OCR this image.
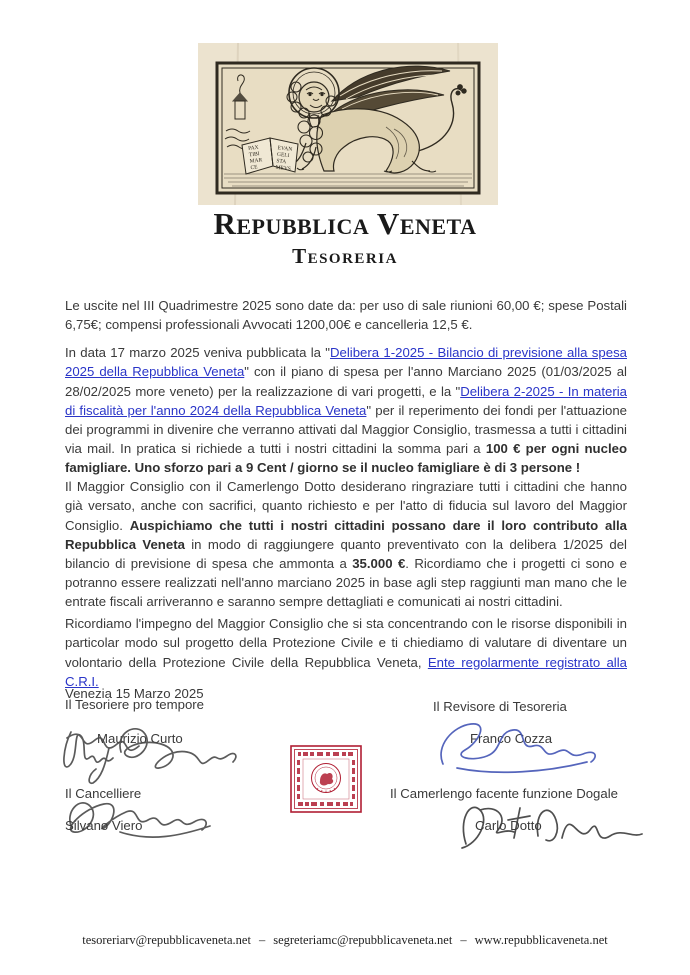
PAX
TIBI
MAR
CE
EVAN
GELI
STA
MEVS
Repubblica Veneta
Tesoreria

Le uscite nel III Quadrimestre 2025 sono date da: per uso di sale riunioni 60,00 €; spese Postali 6,75€; compensi professionali Avvocati 1200,00€ e cancelleria 12,5 €.

In data 17 marzo 2025 veniva pubblicata la "Delibera 1-2025 - Bilancio di previsione alla spesa 2025 della Repubblica Veneta" con il piano di spesa per l'anno Marciano 2025 (01/03/2025 al 28/02/2025 more veneto) per la realizzazione di vari progetti, e la "Delibera 2-2025 - In materia di fiscalità per l'anno 2024 della Repubblica Veneta" per il reperimento dei fondi per l'attuazione dei programmi in divenire che verranno attivati dal Maggior Consiglio, trasmessa a tutti i cittadini via mail. In pratica si richiede a tutti i nostri cittadini la somma pari a 100 € per ogni nucleo famigliare. Uno sforzo pari a 9 Cent / giorno se il nucleo famigliare è di 3 persone !

Il Maggior Consiglio con il Camerlengo Dotto desiderano ringraziare tutti i cittadini che hanno già versato, anche con sacrifici, quanto richiesto e per l'atto di fiducia sul lavoro del Maggior Consiglio. Auspichiamo che tutti i nostri cittadini possano dare il loro contributo alla Repubblica Veneta in modo di raggiungere quanto preventivato con la delibera 1/2025 del bilancio di previsione di spesa che ammonta a 35.000 €. Ricordiamo che i progetti ci sono e potranno essere realizzati nell'anno marciano 2025 in base agli step raggiunti man mano che le entrate fiscali arriveranno e saranno sempre dettagliati e comunicati ai nostri cittadini.

Ricordiamo l'impegno del Maggior Consiglio che si sta concentrando con le risorse disponibili in particolar modo sul progetto della Protezione Civile e ti chiediamo di valutare di diventare un volontario della Protezione Civile della Repubblica Veneta, Ente regolarmente registrato alla C.R.I.

Venezia 15 Marzo 2025

Il Tesoriere pro tempore
Maurizio Curto
Il Cancelliere
Silvano Viero
Il Revisore di Tesoreria
Franco Cozza
Il Camerlengo facente funzione Dogale
Carlo Dotto
tesoreriarv@repubblicaveneta.net – segreteriamc@repubblicaveneta.net – www.repubblicaveneta.net
